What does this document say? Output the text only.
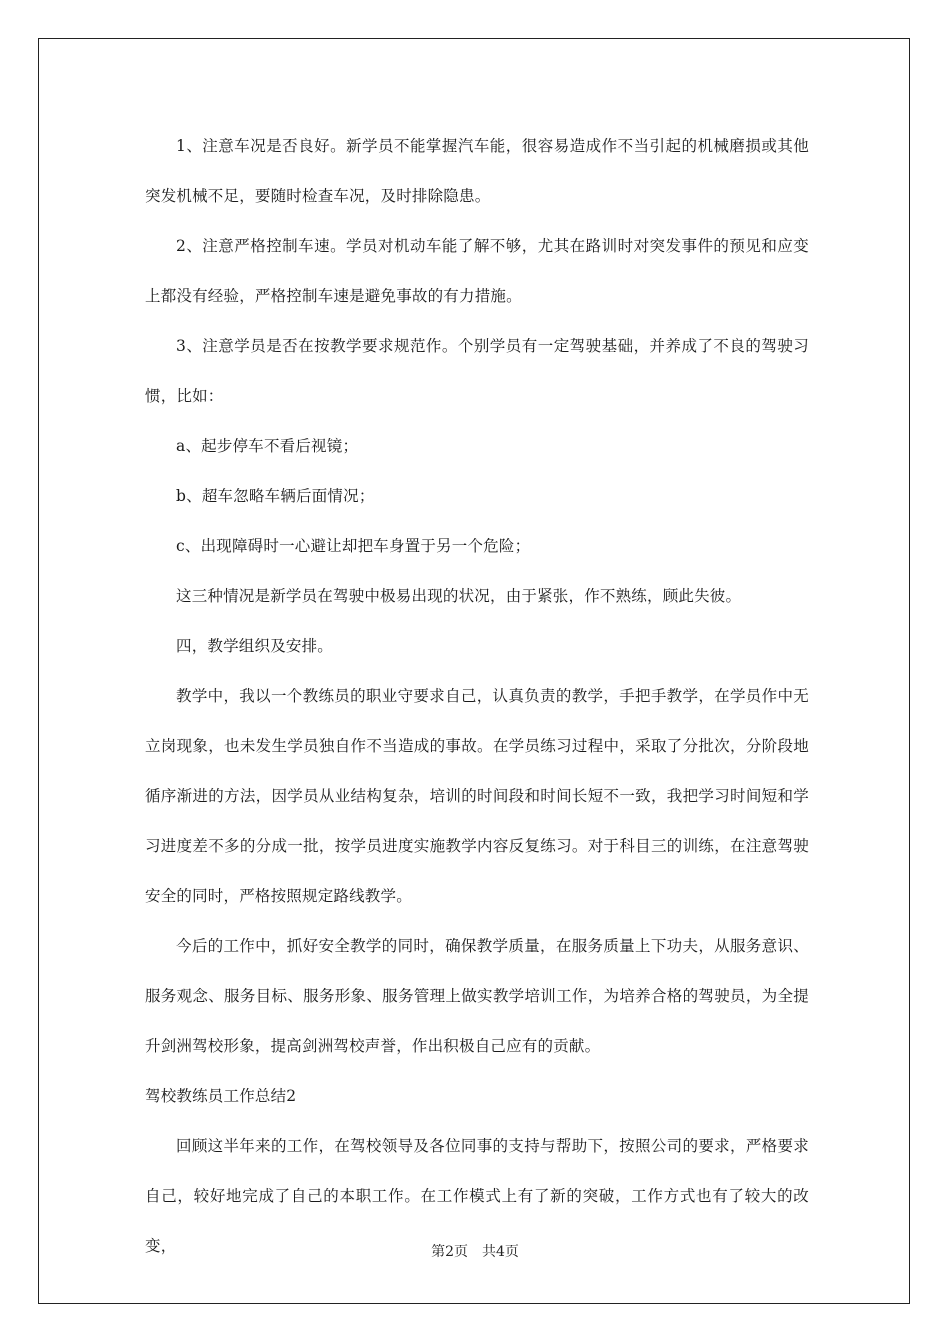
1、注意车况是否良好。新学员不能掌握汽车能，很容易造成作不当引起的机械磨损或其他突发机械不足，要随时检查车况，及时排除隐患。

2、注意严格控制车速。学员对机动车能了解不够，尤其在路训时对突发事件的预见和应变上都没有经验，严格控制车速是避免事故的有力措施。

3、注意学员是否在按教学要求规范作。个别学员有一定驾驶基础，并养成了不良的驾驶习惯，比如：

a、起步停车不看后视镜；

b、超车忽略车辆后面情况；

c、出现障碍时一心避让却把车身置于另一个危险；

这三种情况是新学员在驾驶中极易出现的状况，由于紧张，作不熟练，顾此失彼。

四，教学组织及安排。

教学中，我以一个教练员的职业守要求自己，认真负责的教学，手把手教学，在学员作中无立岗现象，也未发生学员独自作不当造成的事故。在学员练习过程中，采取了分批次，分阶段地循序渐进的方法，因学员从业结构复杂，培训的时间段和时间长短不一致，我把学习时间短和学习进度差不多的分成一批，按学员进度实施教学内容反复练习。对于科目三的训练，在注意驾驶安全的同时，严格按照规定路线教学。

今后的工作中，抓好安全教学的同时，确保教学质量，在服务质量上下功夫，从服务意识、服务观念、服务目标、服务形象、服务管理上做实教学培训工作，为培养合格的驾驶员，为全提升剑洲驾校形象，提高剑洲驾校声誉，作出积极自己应有的贡献。

驾校教练员工作总结2

回顾这半年来的工作，在驾校领导及各位同事的支持与帮助下，按照公司的要求，严格要求自己，较好地完成了自己的本职工作。在工作模式上有了新的突破，工作方式也有了较大的改变，	第2页 共4页
